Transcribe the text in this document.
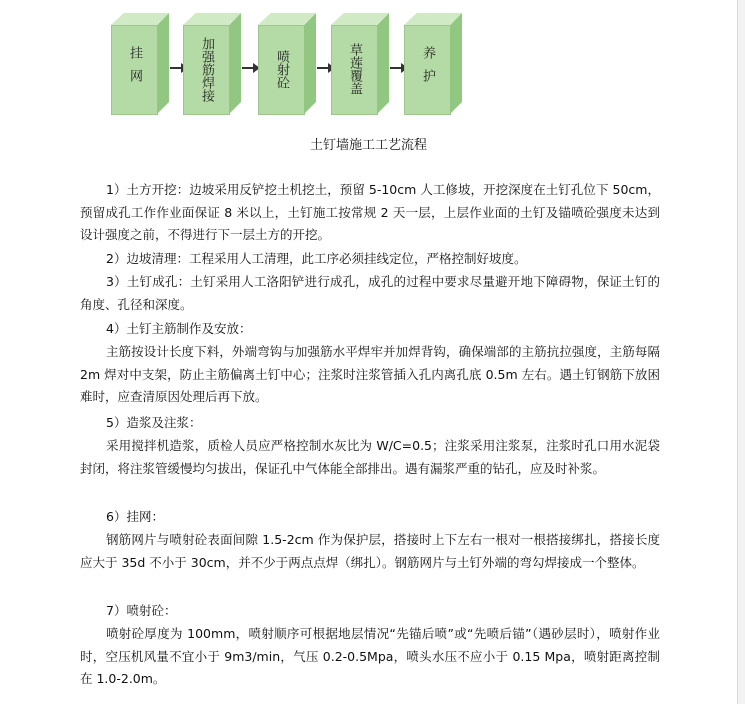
挂网	加强筋焊接	喷射砼	草莲覆盖	养护
土钉墙施工工艺流程
1）土方开挖：边坡采用反铲挖土机挖土，预留 5-10cm 人工修坡，开挖深度在土钉孔位下 50cm，预留成孔工作作业面保证 8 米以上，土钉施工按常规 2 天一层，上层作业面的土钉及锚喷砼强度未达到设计强度之前，不得进行下一层土方的开挖。
2）边坡清理：工程采用人工清理，此工序必须挂线定位，严格控制好坡度。
3）土钉成孔：土钉采用人工洛阳铲进行成孔，成孔的过程中要求尽量避开地下障碍物，保证土钉的角度、孔径和深度。
4）土钉主筋制作及安放：
主筋按设计长度下料，外端弯钩与加强筋水平焊牢并加焊背钩，确保端部的主筋抗拉强度，主筋每隔 2m 焊对中支架，防止主筋偏离土钉中心；注浆时注浆管插入孔内离孔底 0.5m 左右。遇土钉钢筋下放困难时，应查清原因处理后再下放。
5）造浆及注浆：
采用搅拌机造浆，质检人员应严格控制水灰比为 W/C=0.5；注浆采用注浆泵，注浆时孔口用水泥袋封闭，将注浆管缓慢均匀拔出，保证孔中气体能全部排出。遇有漏浆严重的钻孔，应及时补浆。
6）挂网：
钢筋网片与喷射砼表面间隙 1.5-2cm 作为保护层，搭接时上下左右一根对一根搭接绑扎，搭接长度应大于 35d 不小于 30cm，并不少于两点点焊（绑扎）。钢筋网片与土钉外端的弯勾焊接成一个整体。
7）喷射砼：
喷射砼厚度为 100mm，喷射顺序可根据地层情况“先锚后喷”或“先喷后锚”（遇砂层时），喷射作业时，空压机风量不宜小于 9m3/min，气压 0.2-0.5Mpa，喷头水压不应小于 0.15 Mpa，喷射距离控制在 1.0-2.0m。
